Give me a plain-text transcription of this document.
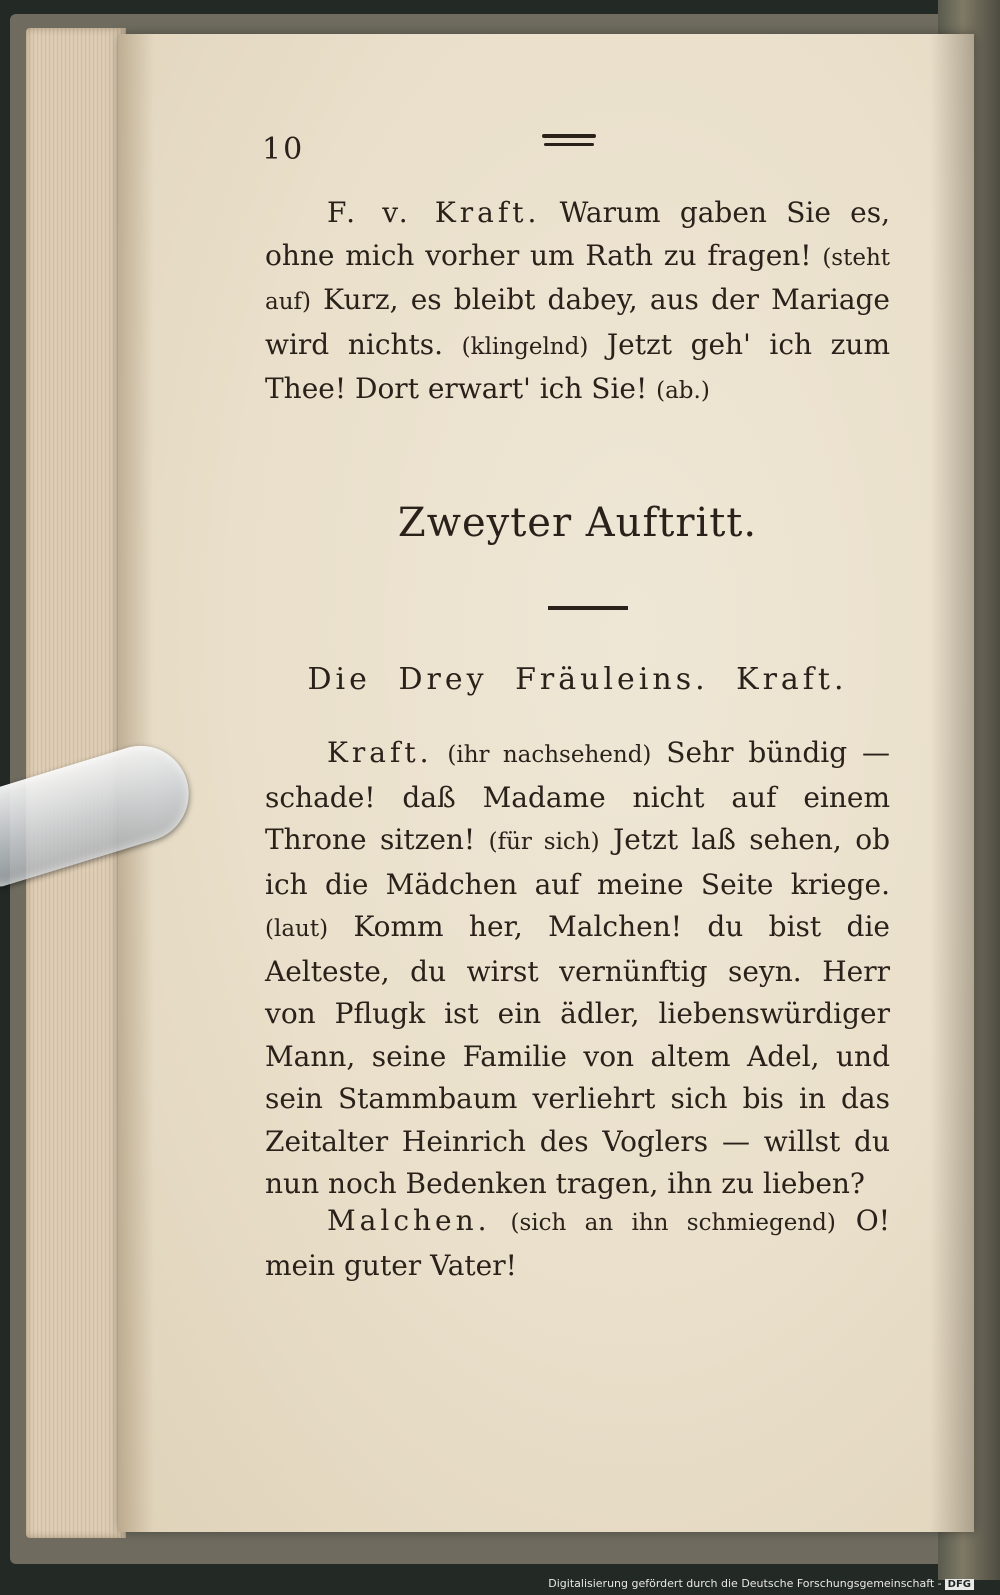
10
F. v. Kraft. Warum gaben Sie es, ohne mich vorher um Rath zu fragen! (steht auf) Kurz, es bleibt dabey, aus der Mariage wird nichts. (klingelnd) Jetzt geh' ich zum Thee! Dort erwart' ich Sie! (ab.)
Zweyter Auftritt.
Die Drey Fräuleins. Kraft.
Kraft. (ihr nachsehend) Sehr bündig — schade! daß Madame nicht auf einem Throne sitzen! (für sich) Jetzt laß sehen, ob ich die Mädchen auf meine Seite kriege. (laut) Komm her, Malchen! du bist die Aelteste, du wirst vernünftig seyn. Herr von Pflugk ist ein ädler, liebenswürdiger Mann, seine Familie von altem Adel, und sein Stammbaum verliehrt sich bis in das Zeitalter Heinrich des Voglers — willst du nun noch Bedenken tragen, ihn zu lieben?
Malchen. (sich an ihn schmiegend) O! mein guter Vater!
Digitalisierung gefördert durch die Deutsche Forschungsgemeinschaft - DFG
